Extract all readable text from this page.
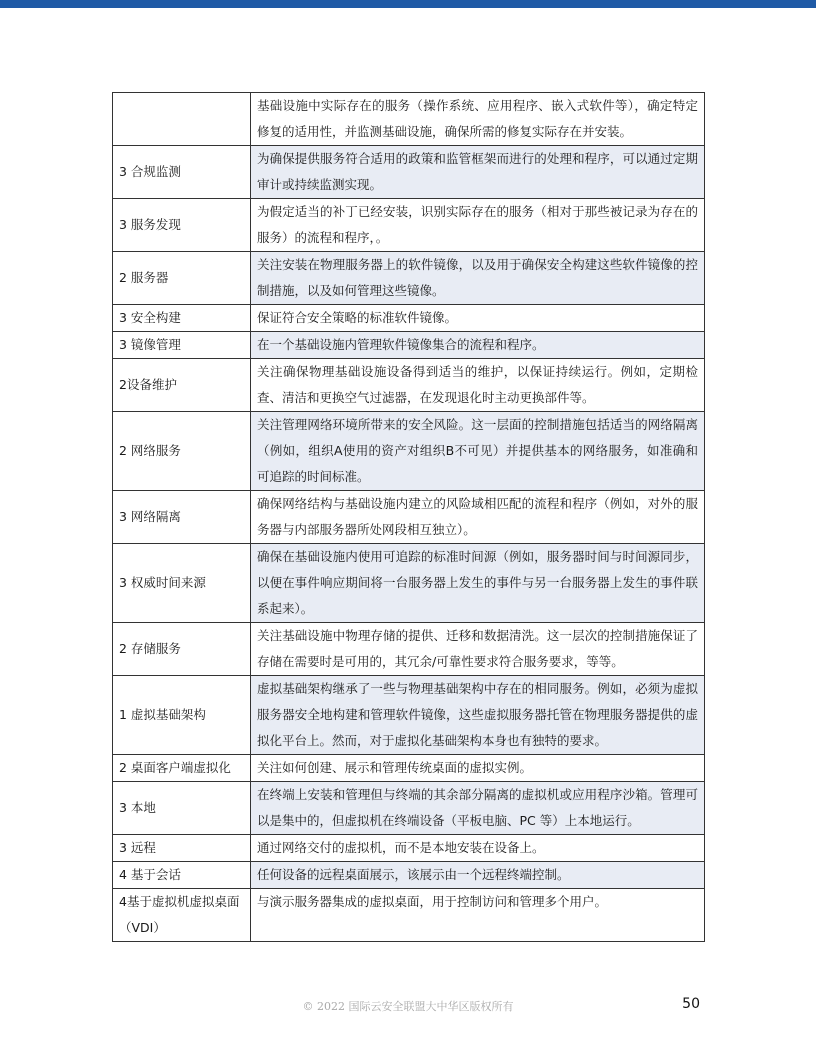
	基础设施中实际存在的服务（操作系统、应用程序、嵌入式软件等），确定特定修复的适用性，并监测基础设施，确保所需的修复实际存在并安装。
3 合规监测	为确保提供服务符合适用的政策和监管框架而进行的处理和程序，可以通过定期审计或持续监测实现。
3 服务发现	为假定适当的补丁已经安装，识别实际存在的服务（相对于那些被记录为存在的服务）的流程和程序，。
2 服务器	关注安装在物理服务器上的软件镜像，以及用于确保安全构建这些软件镜像的控制措施，以及如何管理这些镜像。
3 安全构建	保证符合安全策略的标准软件镜像。
3 镜像管理	在一个基础设施内管理软件镜像集合的流程和程序。
2设备维护	关注确保物理基础设施设备得到适当的维护，以保证持续运行。例如，定期检查、清洁和更换空气过滤器，在发现退化时主动更换部件等。
2 网络服务	关注管理网络环境所带来的安全风险。这一层面的控制措施包括适当的网络隔离（例如，组织A使用的资产对组织B不可见）并提供基本的网络服务，如准确和可追踪的时间标准。
3 网络隔离	确保网络结构与基础设施内建立的风险域相匹配的流程和程序（例如，对外的服务器与内部服务器所处网段相互独立）。
3 权威时间来源	确保在基础设施内使用可追踪的标准时间源（例如，服务器时间与时间源同步，以便在事件响应期间将一台服务器上发生的事件与另一台服务器上发生的事件联系起来）。
2 存储服务	关注基础设施中物理存储的提供、迁移和数据清洗。这一层次的控制措施保证了存储在需要时是可用的，其冗余/可靠性要求符合服务要求，等等。
1 虚拟基础架构	虚拟基础架构继承了一些与物理基础架构中存在的相同服务。例如，必须为虚拟服务器安全地构建和管理软件镜像，这些虚拟服务器托管在物理服务器提供的虚拟化平台上。然而，对于虚拟化基础架构本身也有独特的要求。
2 桌面客户端虚拟化	关注如何创建、展示和管理传统桌面的虚拟实例。
3 本地	在终端上安装和管理但与终端的其余部分隔离的虚拟机或应用程序沙箱。管理可以是集中的，但虚拟机在终端设备（平板电脑、PC 等）上本地运行。
3 远程	通过网络交付的虚拟机，而不是本地安装在设备上。
4 基于会话	任何设备的远程桌面展示，该展示由一个远程终端控制。
4基于虚拟机虚拟桌面（VDI）	与演示服务器集成的虚拟桌面，用于控制访问和管理多个用户。
© 2022 国际云安全联盟大中华区版权所有	50
